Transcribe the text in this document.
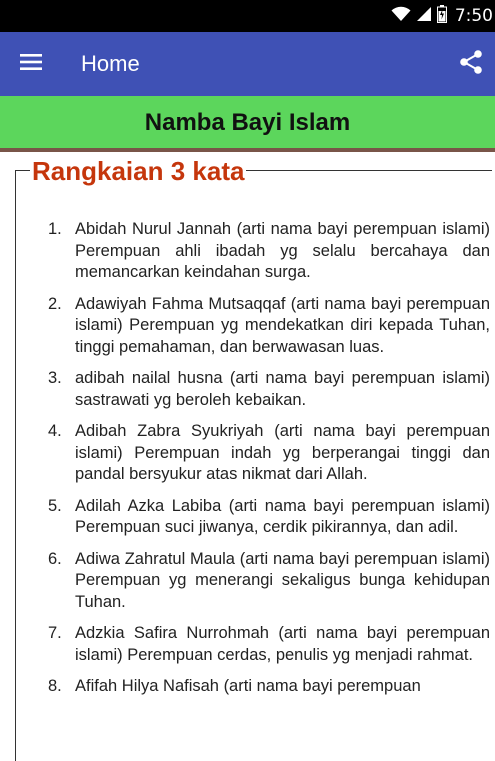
7:50
Home
Namba Bayi Islam
Rangkaian 3 kata
1. Abidah Nurul Jannah (arti nama bayi perempuan islami) Perempuan ahli ibadah yg selalu bercahaya dan memancarkan keindahan surga.
2. Adawiyah Fahma Mutsaqqaf (arti nama bayi perempuan islami) Perempuan yg mendekatkan diri kepada Tuhan, tinggi pemahaman, dan berwawasan luas.
3. adibah nailal husna (arti nama bayi perempuan islami) sastrawati yg beroleh kebaikan.
4. Adibah Zabra Syukriyah (arti nama bayi perempuan islami) Perempuan indah yg berperangai tinggi dan pandal bersyukur atas nikmat dari Allah.
5. Adilah Azka Labiba (arti nama bayi perempuan islami) Perempuan suci jiwanya, cerdik pikirannya, dan adil.
6. Adiwa Zahratul Maula (arti nama bayi perempuan islami) Perempuan yg menerangi sekaligus bunga kehidupan Tuhan.
7. Adzkia Safira Nurrohmah (arti nama bayi perempuan islami) Perempuan cerdas, penulis yg menjadi rahmat.
8. Afifah Hilya Nafisah (arti nama bayi perempuan
